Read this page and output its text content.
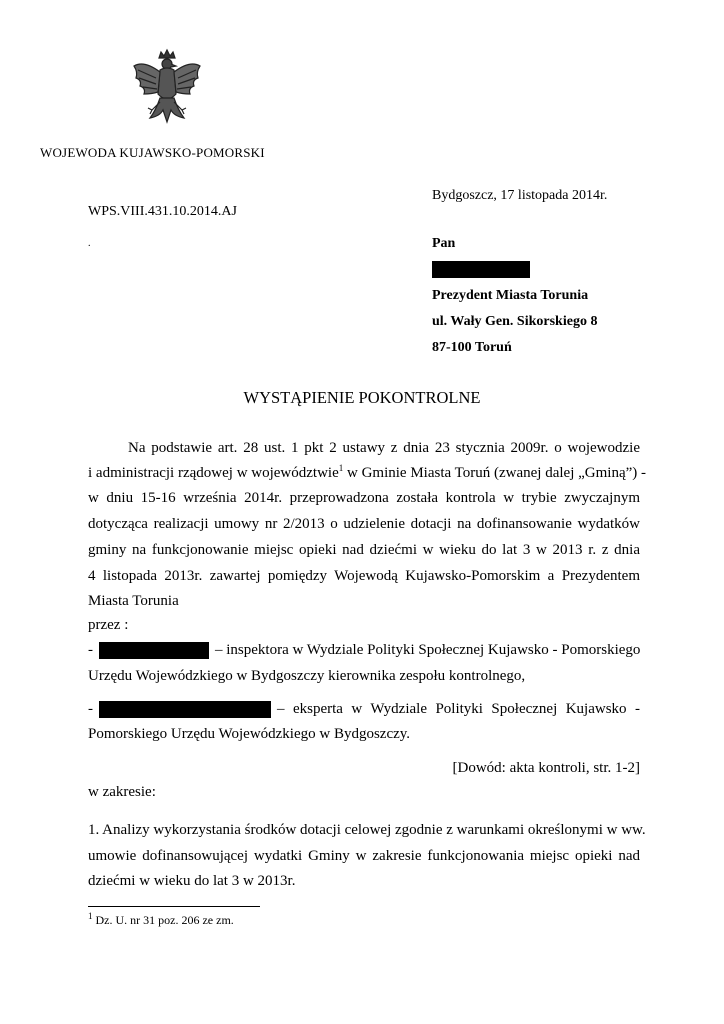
WOJEWODA KUJAWSKO-POMORSKI
Bydgoszcz, 17 listopada 2014r.
WPS.VIII.431.10.2014.AJ
.	Pan
Prezydent Miasta Torunia
ul. Wały Gen. Sikorskiego 8
87-100 Toruń
WYSTĄPIENIE POKONTROLNE
Na podstawie art. 28 ust. 1 pkt 2 ustawy z dnia 23 stycznia 2009r. o wojewodzie
i administracji rządowej w województwie$^1$ w Gminie Miasta Toruń (zwanej dalej „Gminą”) -
w dniu 15-16 września 2014r. przeprowadzona została kontrola w trybie zwyczajnym
dotycząca realizacji umowy nr 2/2013 o udzielenie dotacji na dofinansowanie wydatków
gminy na funkcjonowanie miejsc opieki nad dziećmi w wieku do lat 3 w 2013 r. z dnia
4 listopada 2013r. zawartej pomiędzy Wojewodą Kujawsko-Pomorskim a Prezydentem
Miasta Torunia
przez :
-	– inspektora w Wydziale Polityki Społecznej Kujawsko - Pomorskiego
Urzędu Wojewódzkiego w Bydgoszczy kierownika zespołu kontrolnego,
-	– eksperta w Wydziale Polityki Społecznej Kujawsko -
Pomorskiego Urzędu Wojewódzkiego w Bydgoszczy.
[Dowód: akta kontroli, str. 1-2]
w zakresie:
1. Analizy wykorzystania środków dotacji celowej zgodnie z warunkami określonymi w ww.
umowie dofinansowującej wydatki Gminy w zakresie funkcjonowania miejsc opieki nad
dziećmi w wieku do lat 3 w 2013r.
$^1$ Dz. U. nr 31 poz. 206 ze zm.
